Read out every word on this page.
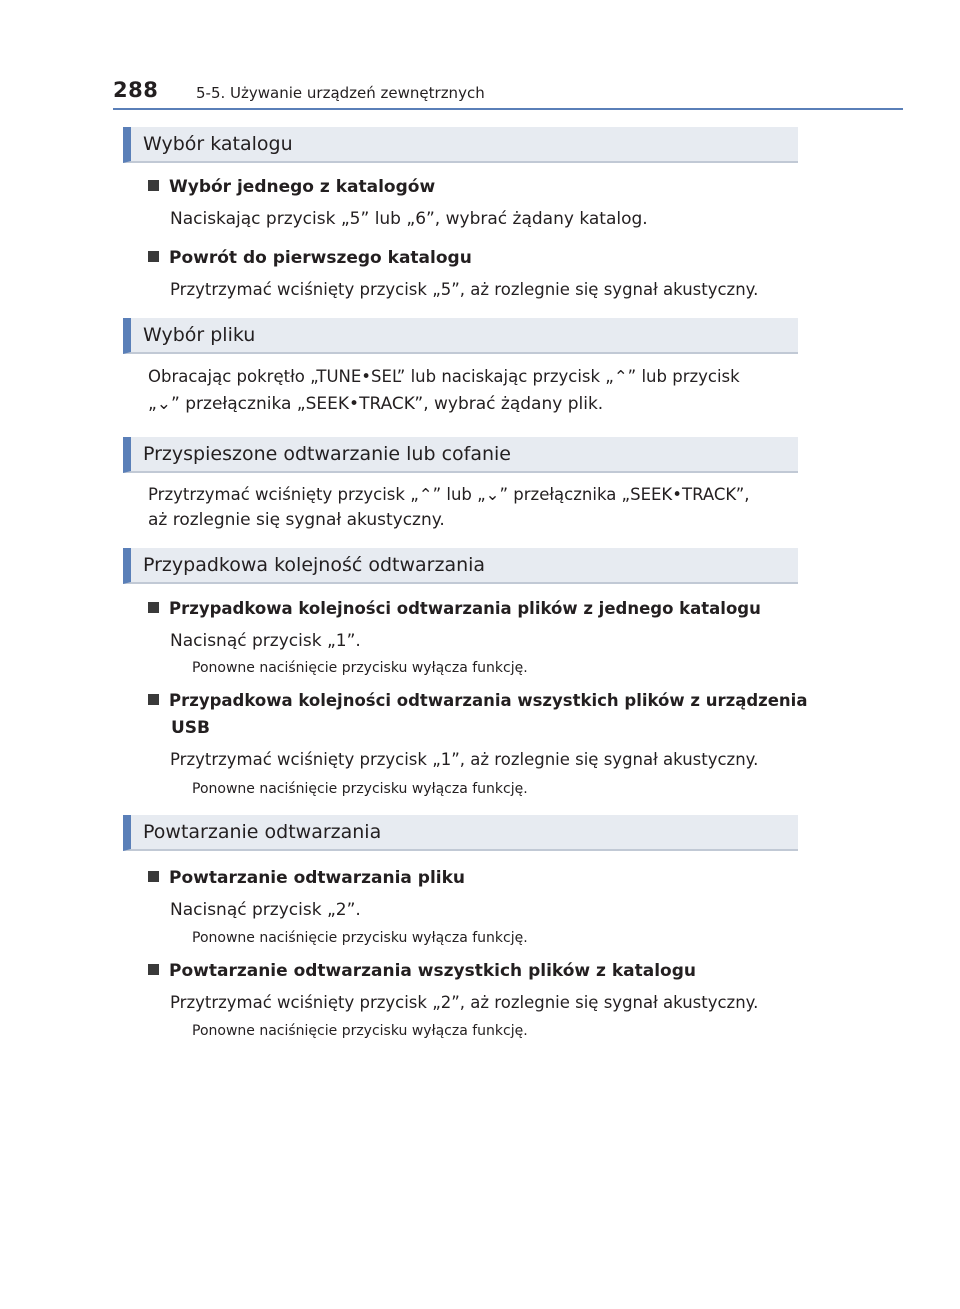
288	5-5. Używanie urządzeń zewnętrznych
Wybór katalogu
Wybór jednego z katalogów
Naciskając przycisk „5” lub „6”, wybrać żądany katalog.
Powrót do pierwszego katalogu
Przytrzymać wciśnięty przycisk „5”, aż rozlegnie się sygnał akustyczny.
Wybór pliku
Obracając pokrętło „TUNE•SEL” lub naciskając przycisk „⌃” lub przycisk
„⌄” przełącznika „SEEK•TRACK”, wybrać żądany plik.
Przyspieszone odtwarzanie lub cofanie
Przytrzymać wciśnięty przycisk „⌃” lub „⌄” przełącznika „SEEK•TRACK”,
aż rozlegnie się sygnał akustyczny.
Przypadkowa kolejność odtwarzania
Przypadkowa kolejności odtwarzania plików z jednego katalogu
Nacisnąć przycisk „1”.
Ponowne naciśnięcie przycisku wyłącza funkcję.
Przypadkowa kolejności odtwarzania wszystkich plików z urządzenia
USB
Przytrzymać wciśnięty przycisk „1”, aż rozlegnie się sygnał akustyczny.
Ponowne naciśnięcie przycisku wyłącza funkcję.
Powtarzanie odtwarzania
Powtarzanie odtwarzania pliku
Nacisnąć przycisk „2”.
Ponowne naciśnięcie przycisku wyłącza funkcję.
Powtarzanie odtwarzania wszystkich plików z katalogu
Przytrzymać wciśnięty przycisk „2”, aż rozlegnie się sygnał akustyczny.
Ponowne naciśnięcie przycisku wyłącza funkcję.
